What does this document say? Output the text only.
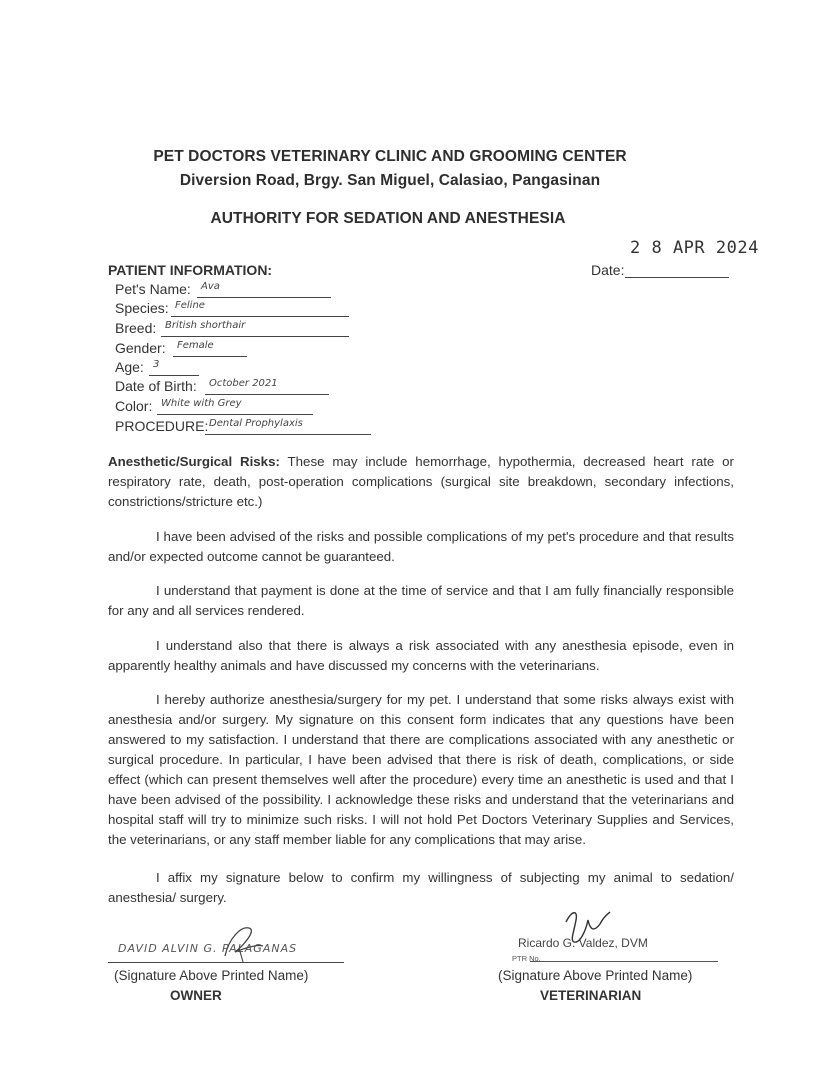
PET DOCTORS VETERINARY CLINIC AND GROOMING CENTER
Diversion Road, Brgy. San Miguel, Calasiao, Pangasinan
AUTHORITY FOR SEDATION AND ANESTHESIA
2 8 APR 2024
Date:
PATIENT INFORMATION:
Pet's Name:	Ava
Species: Feline
Breed: British shorthair
Gender:	Female
Age: 3
Date of Birth:	October 2021
Color: White with Grey
PROCEDURE: Dental Prophylaxis
Anesthetic/Surgical Risks: These may include hemorrhage, hypothermia, decreased heart rate or respiratory rate, death, post-operation complications (surgical site breakdown, secondary infections, constrictions/stricture etc.)
I have been advised of the risks and possible complications of my pet's procedure and that results and/or expected outcome cannot be guaranteed.
I understand that payment is done at the time of service and that I am fully financially responsible for any and all services rendered.
I understand also that there is always a risk associated with any anesthesia episode, even in apparently healthy animals and have discussed my concerns with the veterinarians.
I hereby authorize anesthesia/surgery for my pet. I understand that some risks always exist with anesthesia and/or surgery. My signature on this consent form indicates that any questions have been answered to my satisfaction. I understand that there are complications associated with any anesthetic or surgical procedure. In particular, I have been advised that there is risk of death, complications, or side effect (which can present themselves well after the procedure) every time an anesthetic is used and that I have been advised of the possibility. I acknowledge these risks and understand that the veterinarians and hospital staff will try to minimize such risks. I will not hold Pet Doctors Veterinary Supplies and Services, the veterinarians, or any staff member liable for any complications that may arise.
I affix my signature below to confirm my willingness of subjecting my animal to sedation/ anesthesia/ surgery.
DAVID ALVIN G. PALAGANAS
(Signature Above Printed Name)
OWNER
Ricardo G. Valdez, DVM
PTR No.
(Signature Above Printed Name)
VETERINARIAN
